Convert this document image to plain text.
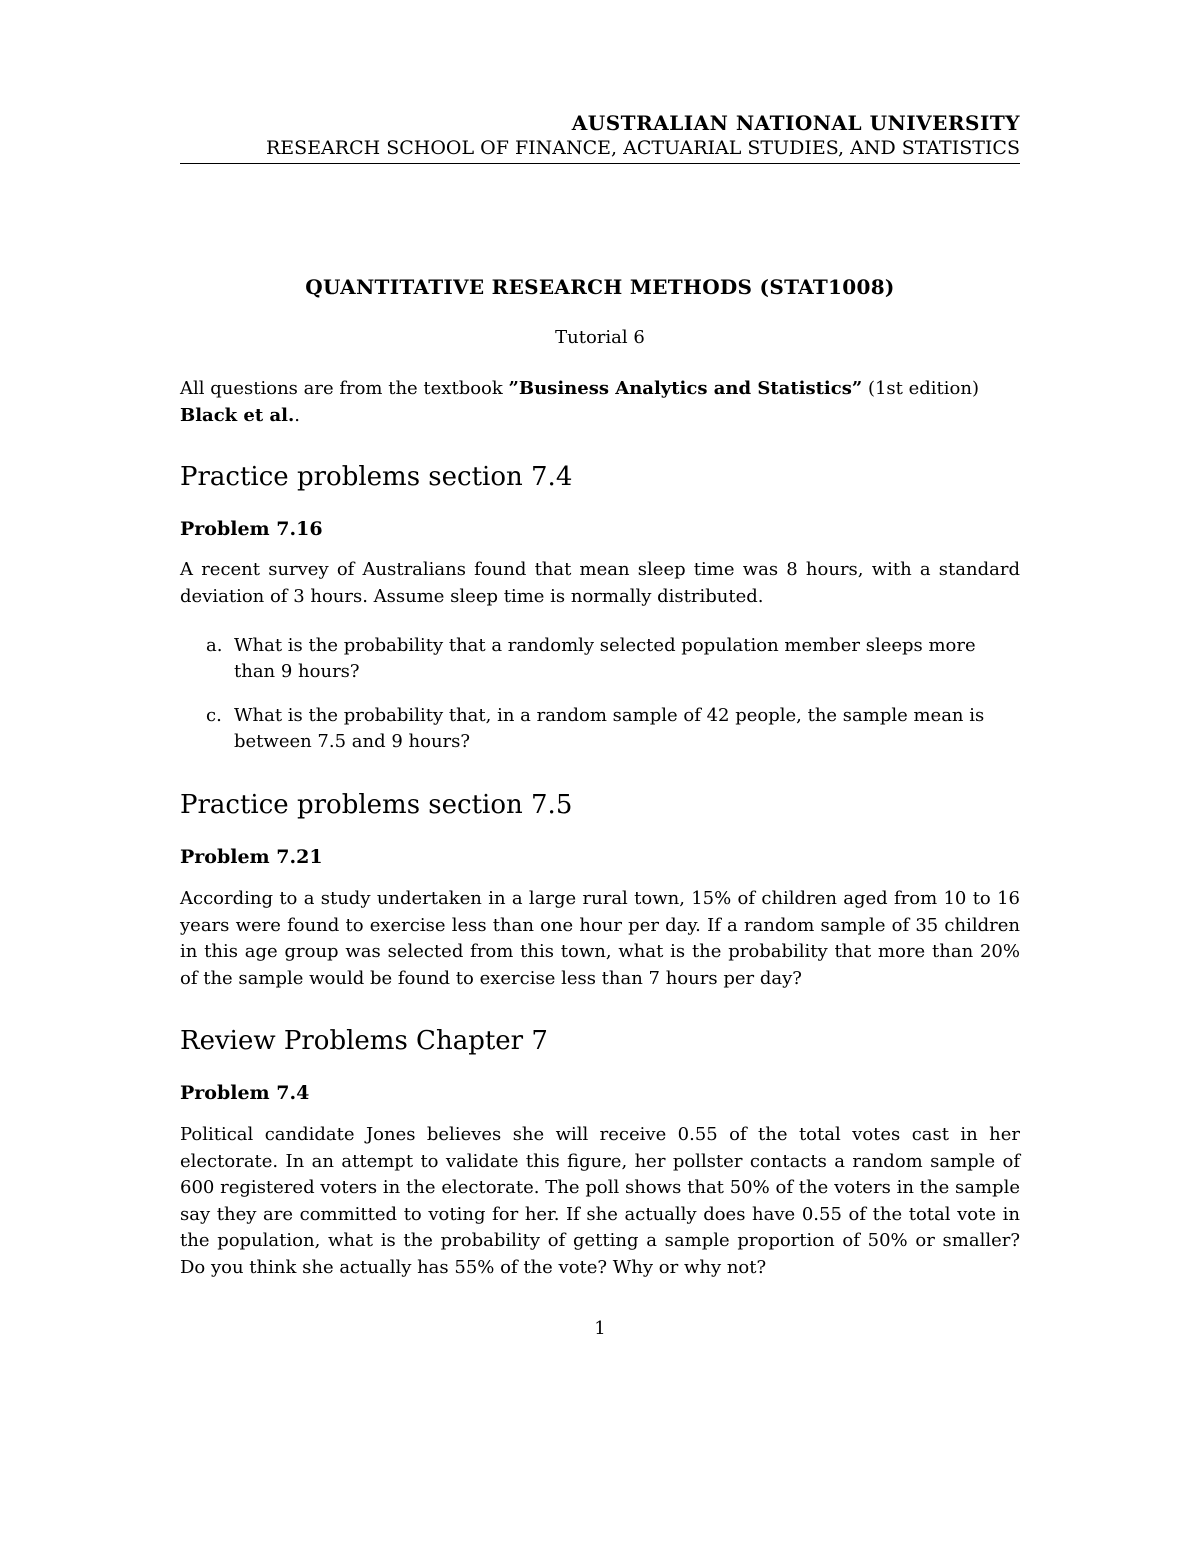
AUSTRALIAN NATIONAL UNIVERSITY
RESEARCH SCHOOL OF FINANCE, ACTUARIAL STUDIES, AND STATISTICS
QUANTITATIVE RESEARCH METHODS (STAT1008)
Tutorial 6
All questions are from the textbook ”Business Analytics and Statistics” (1st edition)
Black et al..
Practice problems section 7.4
Problem 7.16
A recent survey of Australians found that mean sleep time was 8 hours, with a standard deviation of 3 hours. Assume sleep time is normally distributed.
a. What is the probability that a randomly selected population member sleeps more than 9 hours?
c. What is the probability that, in a random sample of 42 people, the sample mean is between 7.5 and 9 hours?
Practice problems section 7.5
Problem 7.21
According to a study undertaken in a large rural town, 15% of children aged from 10 to 16 years were found to exercise less than one hour per day. If a random sample of 35 children in this age group was selected from this town, what is the probability that more than 20% of the sample would be found to exercise less than 7 hours per day?
Review Problems Chapter 7
Problem 7.4
Political candidate Jones believes she will receive 0.55 of the total votes cast in her electorate. In an attempt to validate this figure, her pollster contacts a random sample of 600 registered voters in the electorate. The poll shows that 50% of the voters in the sample say they are committed to voting for her. If she actually does have 0.55 of the total vote in the population, what is the probability of getting a sample proportion of 50% or smaller? Do you think she actually has 55% of the vote? Why or why not?
1
